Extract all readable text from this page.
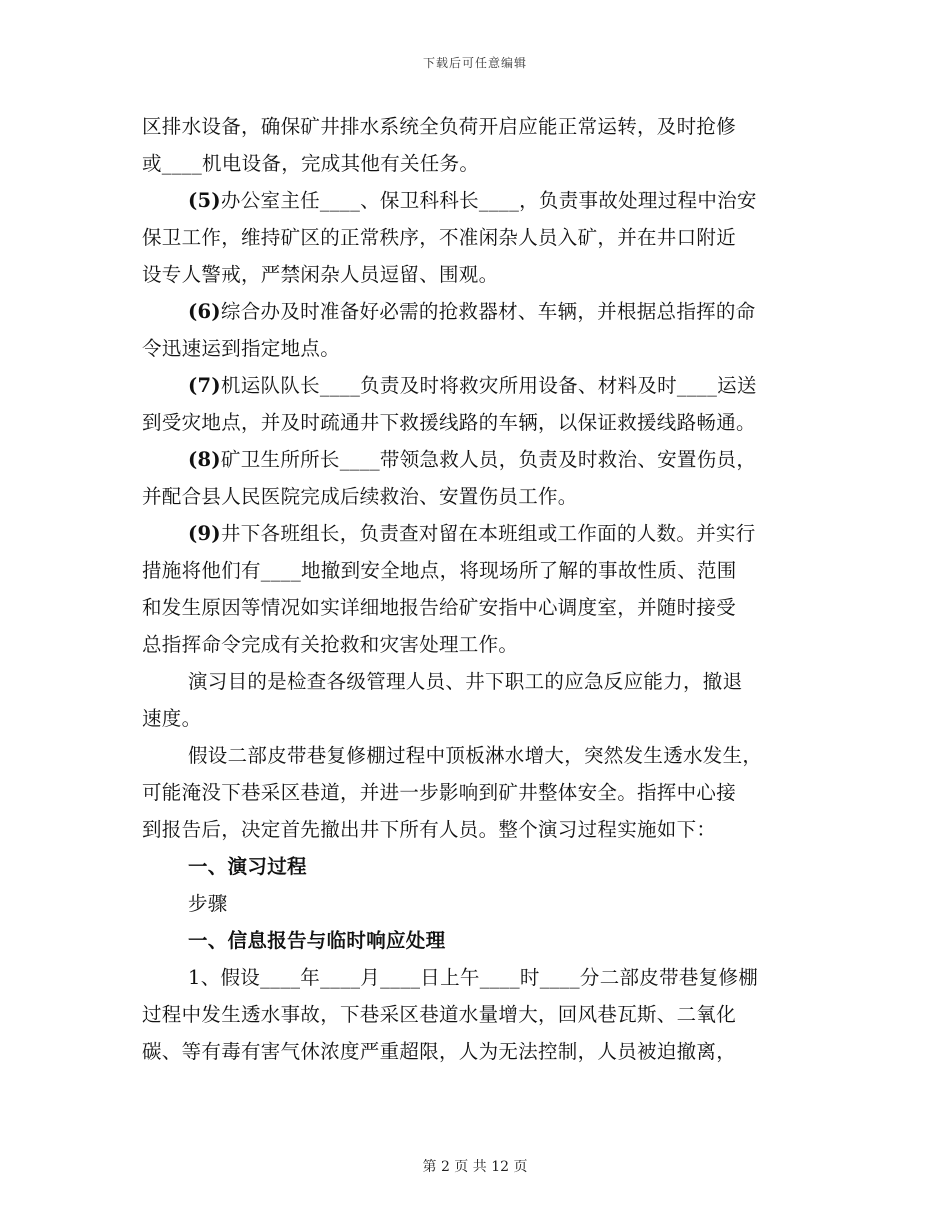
下载后可任意编辑
区排水设备，确保矿井排水系统全负荷开启应能正常运转，及时抢修
或____机电设备，完成其他有关任务。
(5)办公室主任____、保卫科科长____，负责事故处理过程中治安
保卫工作，维持矿区的正常秩序，不准闲杂人员入矿，并在井口附近
设专人警戒，严禁闲杂人员逗留、围观。
(6)综合办及时准备好必需的抢救器材、车辆，并根据总指挥的命
令迅速运到指定地点。
(7)机运队队长____负责及时将救灾所用设备、材料及时____运送
到受灾地点，并及时疏通井下救援线路的车辆，以保证救援线路畅通。
(8)矿卫生所所长____带领急救人员，负责及时救治、安置伤员，
并配合县人民医院完成后续救治、安置伤员工作。
(9)井下各班组长，负责查对留在本班组或工作面的人数。并实行
措施将他们有____地撤到安全地点，将现场所了解的事故性质、范围
和发生原因等情况如实详细地报告给矿安指中心调度室，并随时接受
总指挥命令完成有关抢救和灾害处理工作。
演习目的是检查各级管理人员、井下职工的应急反应能力，撤退
速度。
假设二部皮带巷复修棚过程中顶板淋水增大，突然发生透水发生，
可能淹没下巷采区巷道，并进一步影响到矿井整体安全。指挥中心接
到报告后，决定首先撤出井下所有人员。整个演习过程实施如下：
一、演习过程
步骤
一、信息报告与临时响应处理
1、假设____年____月____日上午____时____分二部皮带巷复修棚
过程中发生透水事故，下巷采区巷道水量增大，回风巷瓦斯、二氧化
碳、等有毒有害气休浓度严重超限，人为无法控制，人员被迫撤离，
第 2 页 共 12 页
